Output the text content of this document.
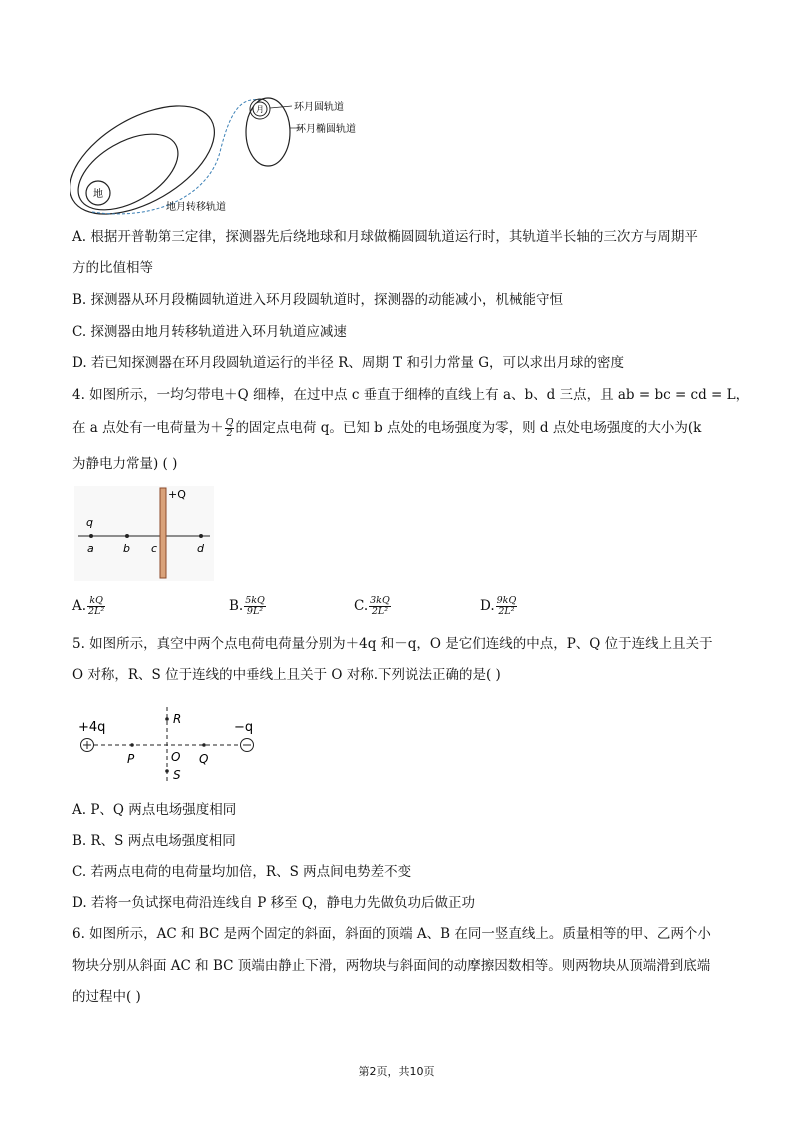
地
月	环月圆轨道
环月椭圆轨道
地月转移轨道
A. 根据开普勒第三定律，探测器先后绕地球和月球做椭圆圆轨道运行时，其轨道半长轴的三次方与周期平
方的比值相等
B. 探测器从环月段椭圆轨道进入环月段圆轨道时，探测器的动能减小，机械能守恒
C. 探测器由地月转移轨道进入环月轨道应减速
D. 若已知探测器在环月段圆轨道运行的半径 R、周期 T 和引力常量 G，可以求出月球的密度
4. 如图所示，一均匀带电＋Q 细棒，在过中点 c 垂直于细棒的直线上有 a、b、d 三点，且 ab = bc = cd = L，
在 a 点处有一电荷量为＋ $\frac{Q}{2}$ 的固定点电荷 q。已知 b 点处的电场强度为零，则 d 点处电场强度的大小为(k
为静电力常量) ( )
+Q
q
a	b c	d
A. $\frac{kQ}{\text{2L²}}$	B. $\frac{5kQ}{\text{9L²}}$	C. $\frac{3kQ}{\text{2L²}}$	D. $\frac{9kQ}{\text{2L²}}$
5. 如图所示，真空中两个点电荷电荷量分别为＋4q 和－q，O 是它们连线的中点，P、Q 位于连线上且关于
O 对称，R、S 位于连线的中垂线上且关于 O 对称.下列说法正确的是( )
+4q	−q
R
O
S
P	Q
A. P、Q 两点电场强度相同
B. R、S 两点电场强度相同
C. 若两点电荷的电荷量均加倍，R、S 两点间电势差不变
D. 若将一负试探电荷沿连线自 P 移至 Q，静电力先做负功后做正功
6. 如图所示，AC 和 BC 是两个固定的斜面，斜面的顶端 A、B 在同一竖直线上。质量相等的甲、乙两个小
物块分别从斜面 AC 和 BC 顶端由静止下滑，两物块与斜面间的动摩擦因数相等。则两物块从顶端滑到底端
的过程中( )
第2页，共10页
